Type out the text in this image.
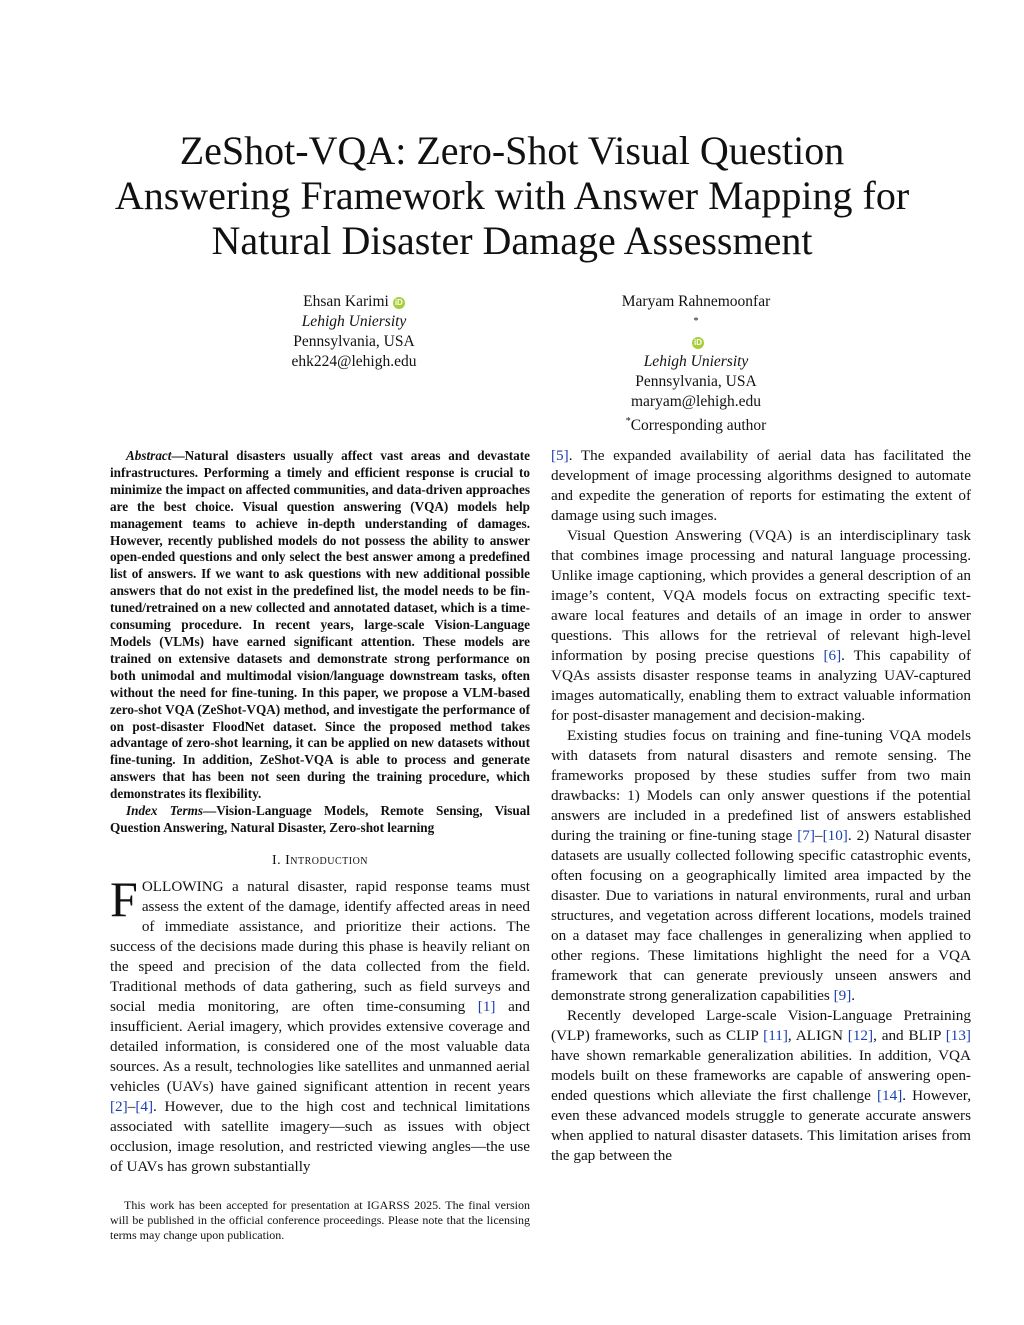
ZeShot-VQA: Zero-Shot Visual Question
Answering Framework with Answer Mapping for
Natural Disaster Damage Assessment
Ehsan Karimi iD
Lehigh Uniersity
Pennsylvania, USA
ehk224@lehigh.edu
Maryam Rahnemoonfar
*
iD
Lehigh Uniersity
Pennsylvania, USA
maryam@lehigh.edu
*Corresponding author

Abstract—Natural disasters usually affect vast areas and devastate infrastructures. Performing a timely and efficient response is crucial to minimize the impact on affected communities, and data-driven approaches are the best choice. Visual question answering (VQA) models help management teams to achieve in-depth understanding of damages. However, recently published models do not possess the ability to answer open-ended questions and only select the best answer among a predefined list of answers. If we want to ask questions with new additional possible answers that do not exist in the predefined list, the model needs to be fin-tuned/retrained on a new collected and annotated dataset, which is a time-consuming procedure. In recent years, large-scale Vision-Language Models (VLMs) have earned significant attention. These models are trained on extensive datasets and demonstrate strong performance on both unimodal and multimodal vision/language downstream tasks, often without the need for fine-tuning. In this paper, we propose a VLM-based zero-shot VQA (ZeShot-VQA) method, and investigate the performance of on post-disaster FloodNet dataset. Since the proposed method takes advantage of zero-shot learning, it can be applied on new datasets without fine-tuning. In addition, ZeShot-VQA is able to process and generate answers that has been not seen during the training procedure, which demonstrates its flexibility.

Index Terms—Vision-Language Models, Remote Sensing, Visual Question Answering, Natural Disaster, Zero-shot learning

I. Introduction

FOLLOWING a natural disaster, rapid response teams must assess the extent of the damage, identify affected areas in need of immediate assistance, and prioritize their actions. The success of the decisions made during this phase is heavily reliant on the speed and precision of the data collected from the field. Traditional methods of data gathering, such as field surveys and social media monitoring, are often time-consuming [1] and insufficient. Aerial imagery, which provides extensive coverage and detailed information, is considered one of the most valuable data sources. As a result, technologies like satellites and unmanned aerial vehicles (UAVs) have gained significant attention in recent years [2]–[4]. However, due to the high cost and technical limitations associated with satellite imagery—such as issues with object occlusion, image resolution, and restricted viewing angles—the use of UAVs has grown substantially

[5]. The expanded availability of aerial data has facilitated the development of image processing algorithms designed to automate and expedite the generation of reports for estimating the extent of damage using such images.

Visual Question Answering (VQA) is an interdisciplinary task that combines image processing and natural language processing. Unlike image captioning, which provides a general description of an image’s content, VQA models focus on extracting specific text-aware local features and details of an image in order to answer questions. This allows for the retrieval of relevant high-level information by posing precise questions [6]. This capability of VQAs assists disaster response teams in analyzing UAV-captured images automatically, enabling them to extract valuable information for post-disaster management and decision-making.

Existing studies focus on training and fine-tuning VQA models with datasets from natural disasters and remote sensing. The frameworks proposed by these studies suffer from two main drawbacks: 1) Models can only answer questions if the potential answers are included in a predefined list of answers established during the training or fine-tuning stage [7]–[10]. 2) Natural disaster datasets are usually collected following specific catastrophic events, often focusing on a geographically limited area impacted by the disaster. Due to variations in natural environments, rural and urban structures, and vegetation across different locations, models trained on a dataset may face challenges in generalizing when applied to other regions. These limitations highlight the need for a VQA framework that can generate previously unseen answers and demonstrate strong generalization capabilities [9].

Recently developed Large-scale Vision-Language Pretraining (VLP) frameworks, such as CLIP [11], ALIGN [12], and BLIP [13] have shown remarkable generalization abilities. In addition, VQA models built on these frameworks are capable of answering open-ended questions which alleviate the first challenge [14]. However, even these advanced models struggle to generate accurate answers when applied to natural disaster datasets. This limitation arises from the gap between the

This work has been accepted for presentation at IGARSS 2025. The final version will be published in the official conference proceedings. Please note that the licensing terms may change upon publication.
